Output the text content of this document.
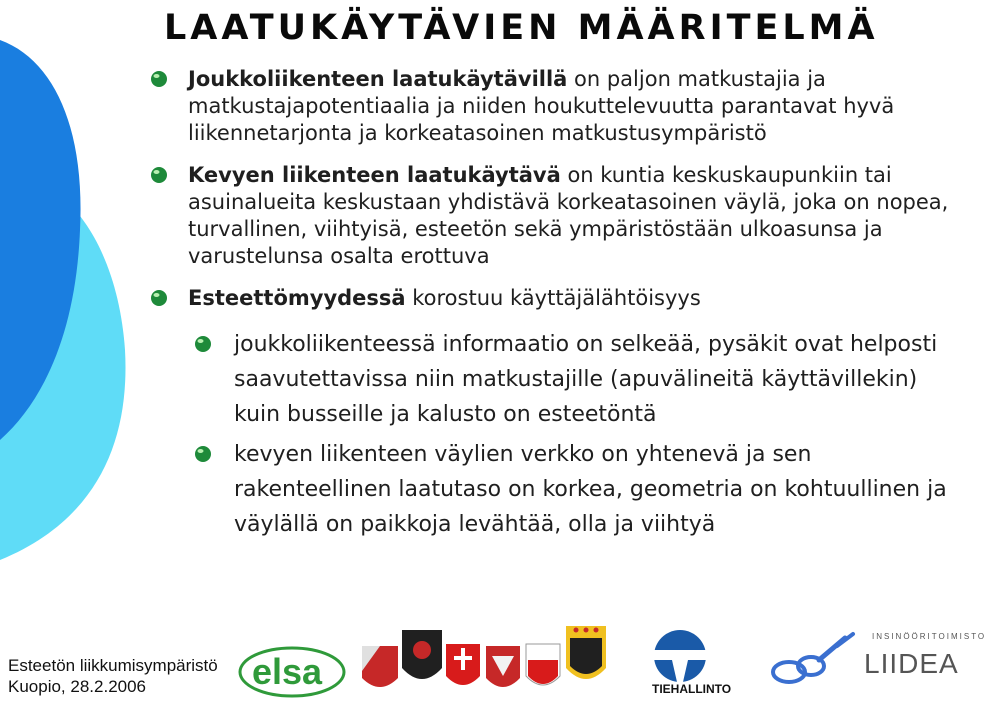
LAATUKÄYTÄVIEN MÄÄRITELMÄ
Joukkoliikenteen laatukäytävillä on paljon matkustajia ja matkustajapotentiaalia ja niiden houkuttelevuutta parantavat hyvä liikennetarjonta ja korkeatasoinen matkustusympäristö
Kevyen liikenteen laatukäytävä on kuntia keskuskaupunkiin tai asuinalueita keskustaan yhdistävä korkeatasoinen väylä, joka on nopea, turvallinen, viihtyisä, esteetön sekä ympäristöstään ulkoasunsa ja varustelunsa osalta erottuva
Esteettömyydessä korostuu käyttäjälähtöisyys
joukkoliikenteessä informaatio on selkeää, pysäkit ovat helposti saavutettavissa niin matkustajille (apuvälineitä käyttävillekin) kuin busseille ja kalusto on esteetöntä
kevyen liikenteen väylien verkko on yhtenevä ja sen rakenteellinen laatutaso on korkea, geometria on kohtuullinen ja väylällä on paikkoja levähtää, olla ja viihtyä
Esteetön liikkumisympäristö
Kuopio, 28.2.2006	elsa	TIEHALLINTO
INSINÖÖRITOIMISTO
LIIDEA
